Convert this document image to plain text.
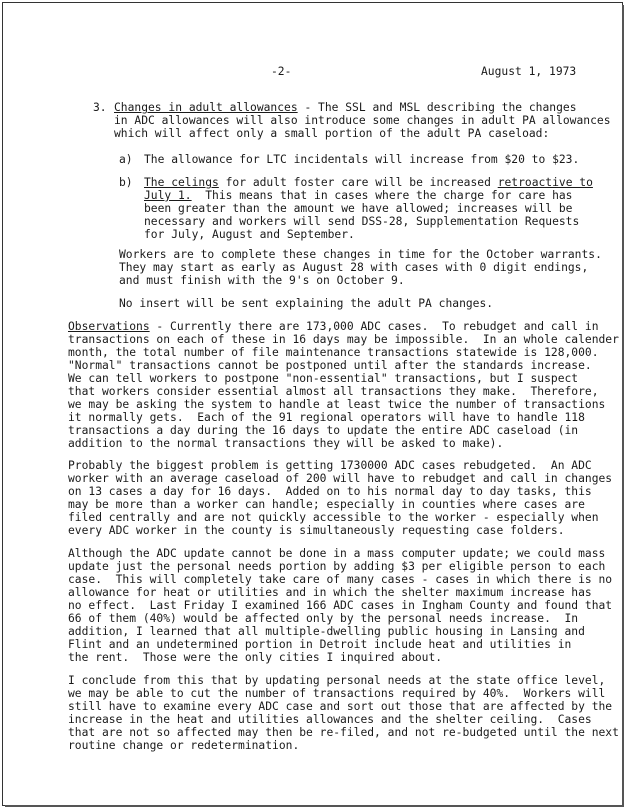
-2-	August 1, 1973
3. Changes in adult allowances - The SSL and MSL describing the changes
in ADC allowances will also introduce some changes in adult PA allowances
which will affect only a small portion of the adult PA caseload:
a) The allowance for LTC incidentals will increase from $20 to $23.
b) The celings for adult foster care will be increased retroactive to
July 1.  This means that in cases where the charge for care has
been greater than the amount we have allowed; increases will be
necessary and workers will send DSS-28, Supplementation Requests
for July, August and September.
Workers are to complete these changes in time for the October warrants.
They may start as early as August 28 with cases with 0 digit endings,
and must finish with the 9's on October 9.
No insert will be sent explaining the adult PA changes.
Observations - Currently there are 173,000 ADC cases.  To rebudget and call in
transactions on each of these in 16 days may be impossible.  In an whole calender
month, the total number of file maintenance transactions statewide is 128,000.
"Normal" transactions cannot be postponed until after the standards increase.
We can tell workers to postpone "non-essential" transactions, but I suspect
that workers consider essential almost all transactions they make.  Therefore,
we may be asking the system to handle at least twice the number of transactions
it normally gets.  Each of the 91 regional operators will have to handle 118
transactions a day during the 16 days to update the entire ADC caseload (in
addition to the normal transactions they will be asked to make).
Probably the biggest problem is getting 1730000 ADC cases rebudgeted.  An ADC
worker with an average caseload of 200 will have to rebudget and call in changes
on 13 cases a day for 16 days.  Added on to his normal day to day tasks, this
may be more than a worker can handle; especially in counties where cases are
filed centrally and are not quickly accessible to the worker - especially when
every ADC worker in the county is simultaneously requesting case folders.
Although the ADC update cannot be done in a mass computer update; we could mass
update just the personal needs portion by adding $3 per eligible person to each
case.  This will completely take care of many cases - cases in which there is no
allowance for heat or utilities and in which the shelter maximum increase has
no effect.  Last Friday I examined 166 ADC cases in Ingham County and found that
66 of them (40%) would be affected only by the personal needs increase.  In
addition, I learned that all multiple-dwelling public housing in Lansing and
Flint and an undetermined portion in Detroit include heat and utilities in
the rent.  Those were the only cities I inquired about.
I conclude from this that by updating personal needs at the state office level,
we may be able to cut the number of transactions required by 40%.  Workers will
still have to examine every ADC case and sort out those that are affected by the
increase in the heat and utilities allowances and the shelter ceiling.  Cases
that are not so affected may then be re-filed, and not re-budgeted until the next
routine change or redetermination.
